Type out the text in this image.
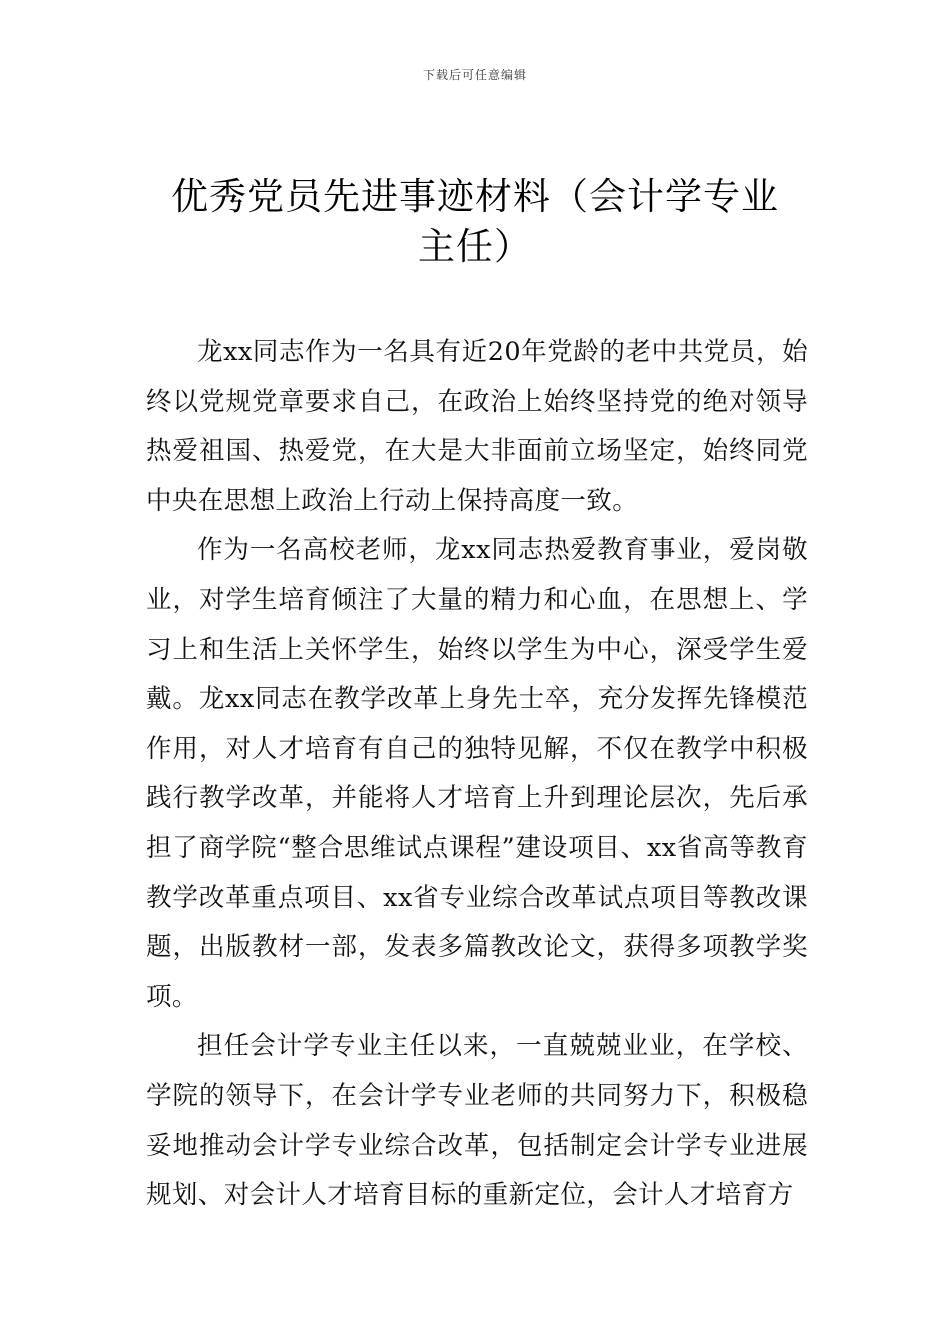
下载后可任意编辑
优秀党员先进事迹材料（会计学专业主任）

龙xx同志作为一名具有近20年党龄的老中共党员，始终以党规党章要求自己，在政治上始终坚持党的绝对领导热爱祖国、热爱党，在大是大非面前立场坚定，始终同党中央在思想上政治上行动上保持高度一致。

作为一名高校老师，龙xx同志热爱教育事业，爱岗敬业，对学生培育倾注了大量的精力和心血，在思想上、学习上和生活上关怀学生，始终以学生为中心，深受学生爱戴。龙xx同志在教学改革上身先士卒，充分发挥先锋模范作用，对人才培育有自己的独特见解，不仅在教学中积极践行教学改革，并能将人才培育上升到理论层次，先后承担了商学院“整合思维试点课程”建设项目、xx省高等教育教学改革重点项目、xx省专业综合改革试点项目等教改课题，出版教材一部，发表多篇教改论文，获得多项教学奖项。

担任会计学专业主任以来，一直兢兢业业，在学校、学院的领导下，在会计学专业老师的共同努力下，积极稳妥地推动会计学专业综合改革，包括制定会计学专业进展规划、对会计人才培育目标的重新定位，会计人才培育方
